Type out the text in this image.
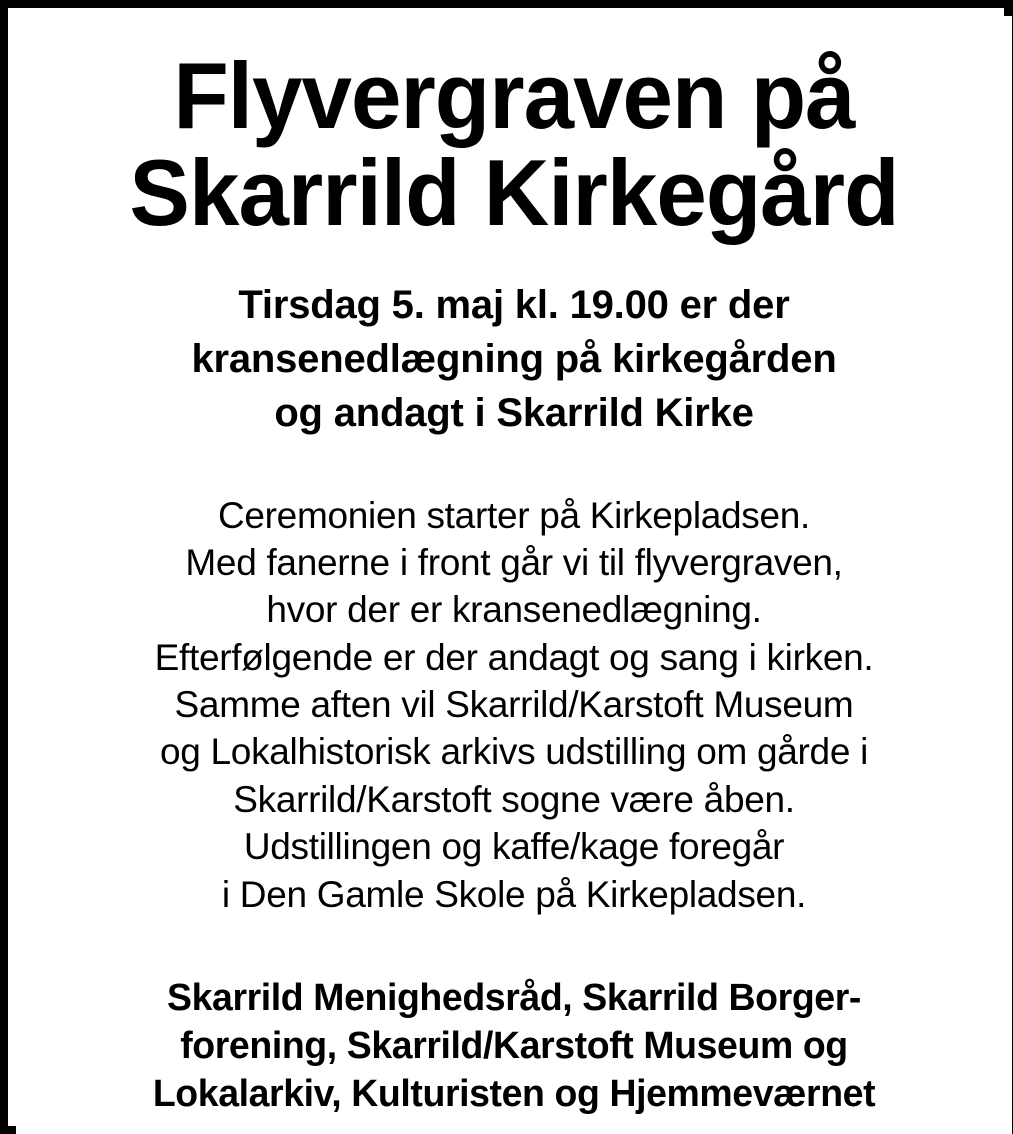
Flyvergraven på
Skarrild Kirkegård
Tirsdag 5. maj kl. 19.00 er der
kransenedlægning på kirkegården
og andagt i Skarrild Kirke
Ceremonien starter på Kirkepladsen.
Med fanerne i front går vi til flyvergraven,
hvor der er kransenedlægning.
Efterfølgende er der andagt og sang i kirken.
Samme aften vil Skarrild/Karstoft Museum
og Lokalhistorisk arkivs udstilling om gårde i
Skarrild/Karstoft sogne være åben.
Udstillingen og kaffe/kage foregår
i Den Gamle Skole på Kirkepladsen.
Skarrild Menighedsråd, Skarrild Borger-
forening, Skarrild/Karstoft Museum og
Lokalarkiv, Kulturisten og Hjemmeværnet
